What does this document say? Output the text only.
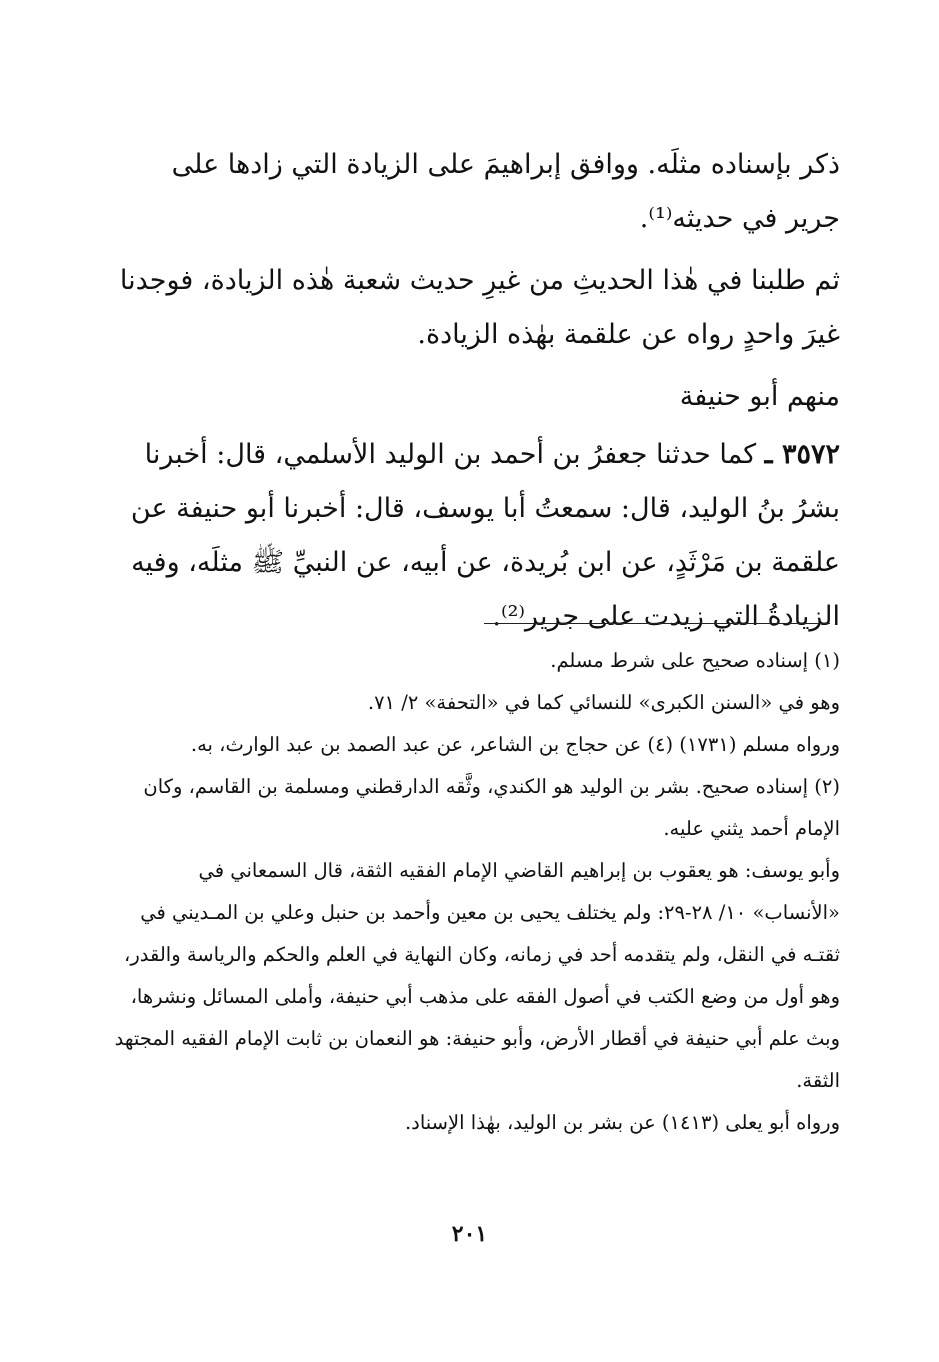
ذكر بإسناده مثلَه. ووافق إبراهيمَ على الزيادة التي زادها على جرير في حديثه⁽¹⁾.

ثم طلبنا في هٰذا الحديثِ من غيرِ حديث شعبة هٰذه الزيادة، فوجدنا غيرَ واحدٍ رواه عن علقمة بهٰذه الزيادة.

منهم أبو حنيفة

٣٥٧٢ ـ كما حدثنا جعفرُ بن أحمد بن الوليد الأسلمي، قال: أخبرنا بشرُ بنُ الوليد، قال: سمعتُ أبا يوسف، قال: أخبرنا أبو حنيفة عن علقمة بن مَرْثَدٍ، عن ابن بُريدة، عن أبيه، عن النبيِّ ﷺ مثلَه، وفيه الزيادةُ التي زيدت على جرير⁽²⁾.

(١) إسناده صحيح على شرط مسلم.

وهو في «السنن الكبرى» للنسائي كما في «التحفة» ٢/ ٧١.

ورواه مسلم (١٧٣١) (٤) عن حجاج بن الشاعر، عن عبد الصمد بن عبد الوارث، به.

(٢) إسناده صحيح. بشر بن الوليد هو الكندي، وثَّقه الدارقطني ومسلمة بن القاسم، وكان الإمام أحمد يثني عليه.

وأبو يوسف: هو يعقوب بن إبراهيم القاضي الإمام الفقيه الثقة، قال السمعاني في «الأنساب» ١٠/ ٢٨-٢٩: ولم يختلف يحيى بن معين وأحمد بن حنبل وعلي بن المـديني في ثقتـه في النقل، ولم يتقدمه أحد في زمانه، وكان النهاية في العلم والحكم والرياسة والقدر، وهو أول من وضع الكتب في أصول الفقه على مذهب أبي حنيفة، وأملى المسائل ونشرها، وبث علم أبي حنيفة في أقطار الأرض، وأبو حنيفة: هو النعمان بن ثابت الإمام الفقيه المجتهد الثقة.

ورواه أبو يعلى (١٤١٣) عن بشر بن الوليد، بهٰذا الإسناد.

٢٠١
